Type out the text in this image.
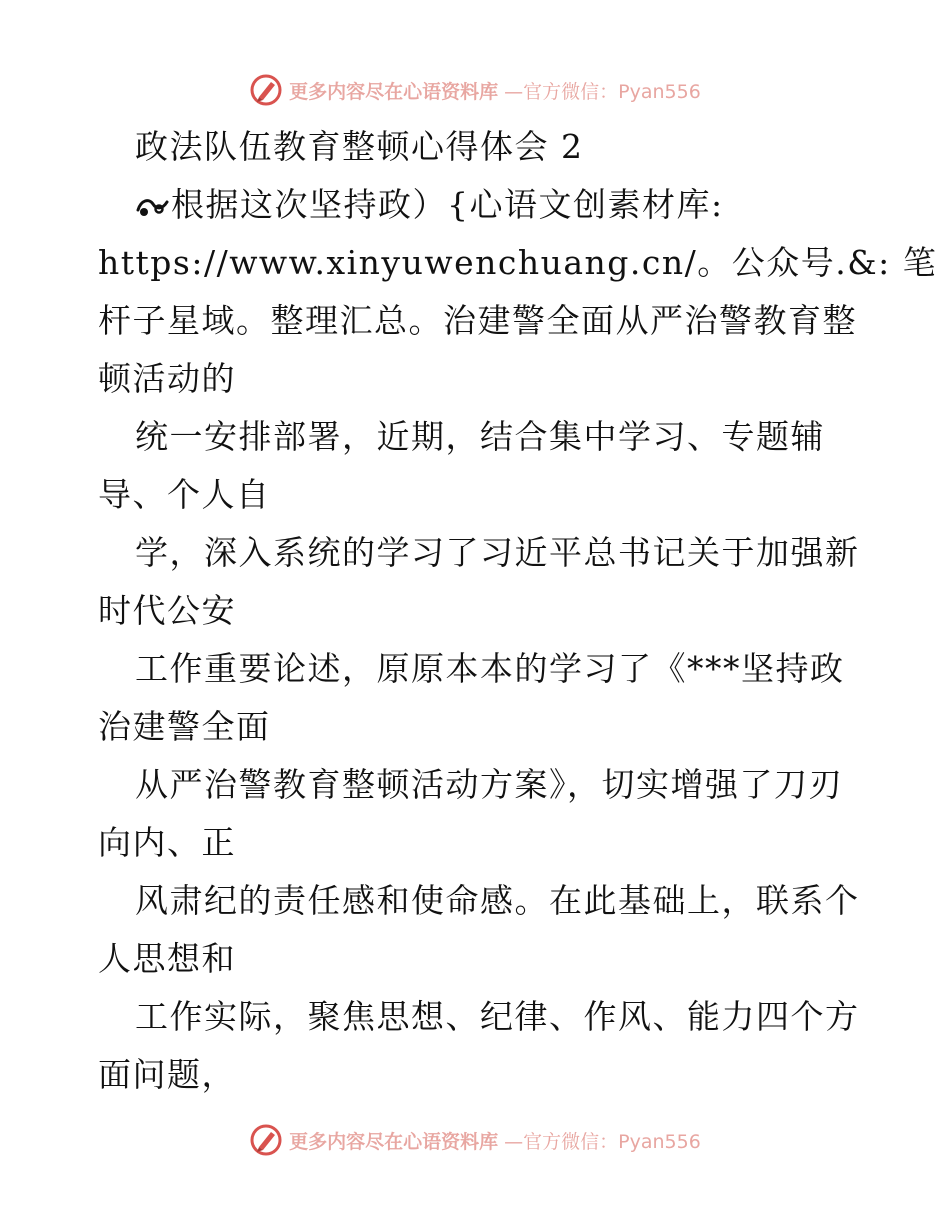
更多内容尽在心语资料库 —官方微信：Pyan556
政法队伍教育整顿心得体会 2
根据这次坚持政）{心语文创素材库:
https://www.xinyuwenchuang.cn/。公众号.&: 笔
杆子星域。整理汇总。治建警全面从严治警教育整
顿活动的
统一安排部署，近期，结合集中学习、专题辅
导、个人自
学，深入系统的学习了习近平总书记关于加强新
时代公安
工作重要论述，原原本本的学习了《***坚持政
治建警全面
从严治警教育整顿活动方案》，切实增强了刀刃
向内、正
风肃纪的责任感和使命感。在此基础上，联系个
人思想和
工作实际，聚焦思想、纪律、作风、能力四个方
面问题，
更多内容尽在心语资料库 —官方微信：Pyan556
